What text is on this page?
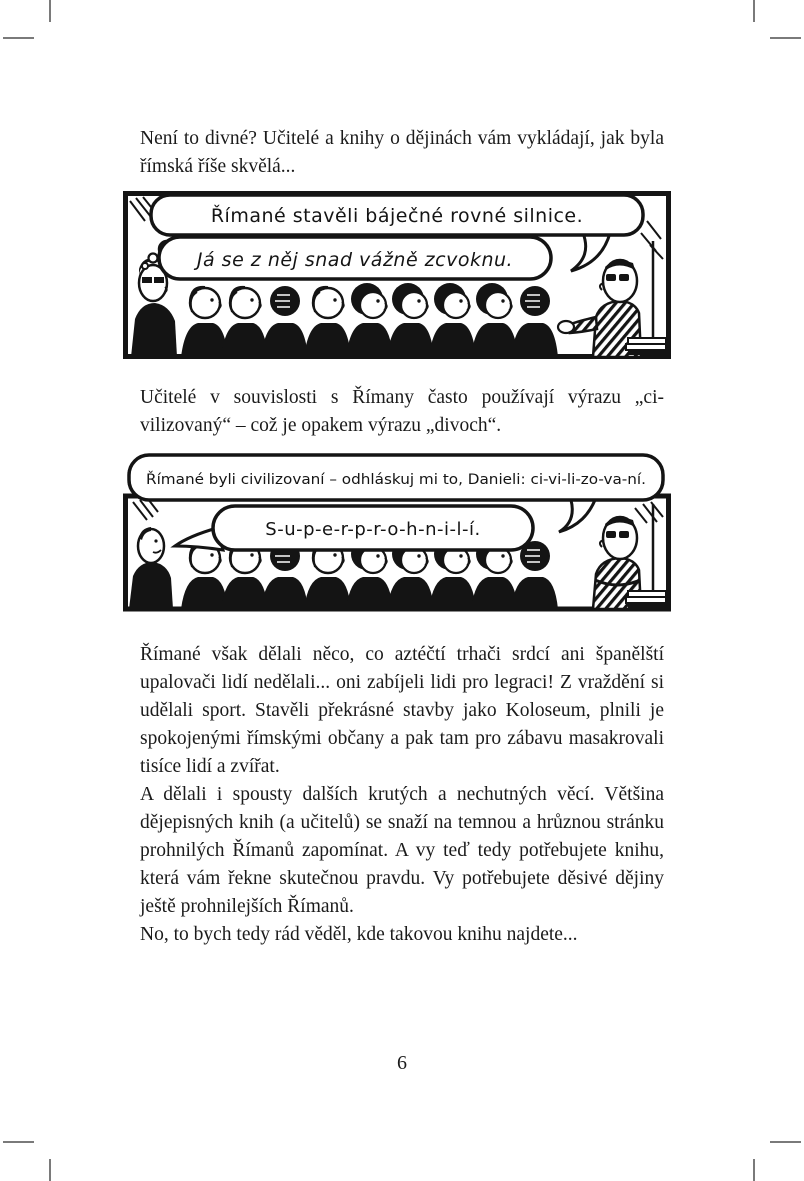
Není to divné? Učitelé a knihy o dějinách vám vykládají, jak byla římská říše skvělá...

Římané stavěli báječné rovné silnice.
Já se z něj snad vážně zcvoknu.

Učitelé v souvislosti s Římany často používají výrazu „civilizovaný“ – což je opakem výrazu „divoch“.

Římané byli civilizovaní – odhláskuj mi to, Danieli: ci-vi-li-zo-va-ní.
S-u-p-e-r-p-r-o-h-n-i-l-í.

Římané však dělali něco, co aztéčtí trhači srdcí ani španělští upalovači lidí nedělali... oni zabíjeli lidi pro legraci! Z vraždění si udělali sport. Stavěli překrásné stavby jako Koloseum, plnili je spokojenými římskými občany a pak tam pro zábavu masakrovali tisíce lidí a zvířat.

A dělali i spousty dalších krutých a nechutných věcí. Většina dějepisných knih (a učitelů) se snaží na temnou a hrůznou stránku prohnilých Římanů zapomínat. A vy teď tedy potřebujete knihu, která vám řekne skutečnou pravdu. Vy potřebujete děsivé dějiny ještě prohnilejších Římanů.

No, to bych tedy rád věděl, kde takovou knihu najdete...

6
